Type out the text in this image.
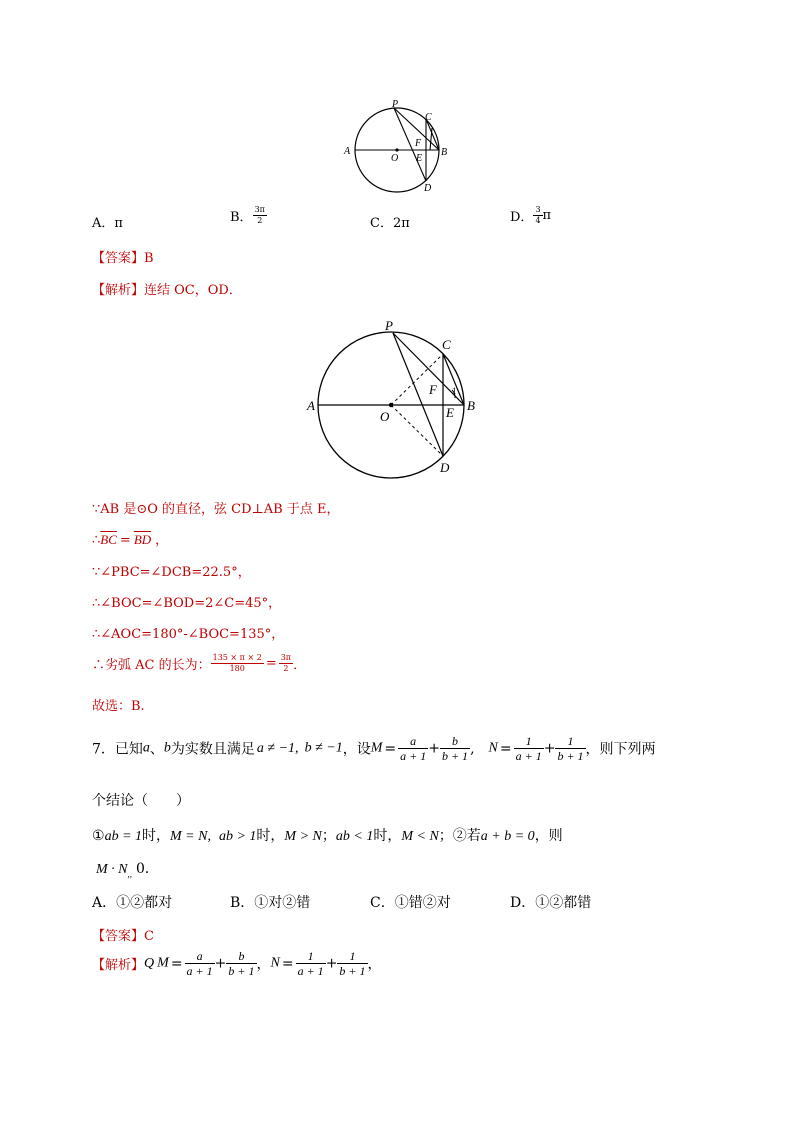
P
C
A
O
F
E
B
D
A．π	B． $\frac{3\pi}{2}$	C．2π	D． $\frac{3}{4}$ π
【答案】B
【解析】连结 OC，OD．
P
C
A
O
F
E B
D
1
∵AB 是⊙O 的直径，弦 CD⊥AB 于点 E，
$\therefore\overline{BC} = \overline{BD}$ ，
∵∠PBC=∠DCB=22.5°，
∴∠BOC=∠BOD=2∠C=45°，
∴∠AOC=180°-∠BOC=135°，
∴劣弧 AC 的长为： $\frac{135 \times \pi \times 2}{180} = \frac{3\pi}{2}$ ．
故选：B.
7．已知a、b为实数且满足 a ≠ −1, b ≠ −1，设$M = \frac{a}{a + 1} + \frac{b}{b + 1}$ , $N = \frac{1}{a + 1} + \frac{1}{b + 1}$ ，则下列两
个结论（　　）
①ab = 1时，M = N, ab > 1时，M > N；ab < 1时，M < N；②若a + b = 0，则
$M \cdot N_{,,}$ 0．
A．①②都对	B．①对②错	C．①错②对	D．①②都错
【答案】C
【解析】Q $M = \frac{a}{a + 1} + \frac{b}{b + 1}$ ，$N = \frac{1}{a + 1} + \frac{1}{b + 1}$ ，
